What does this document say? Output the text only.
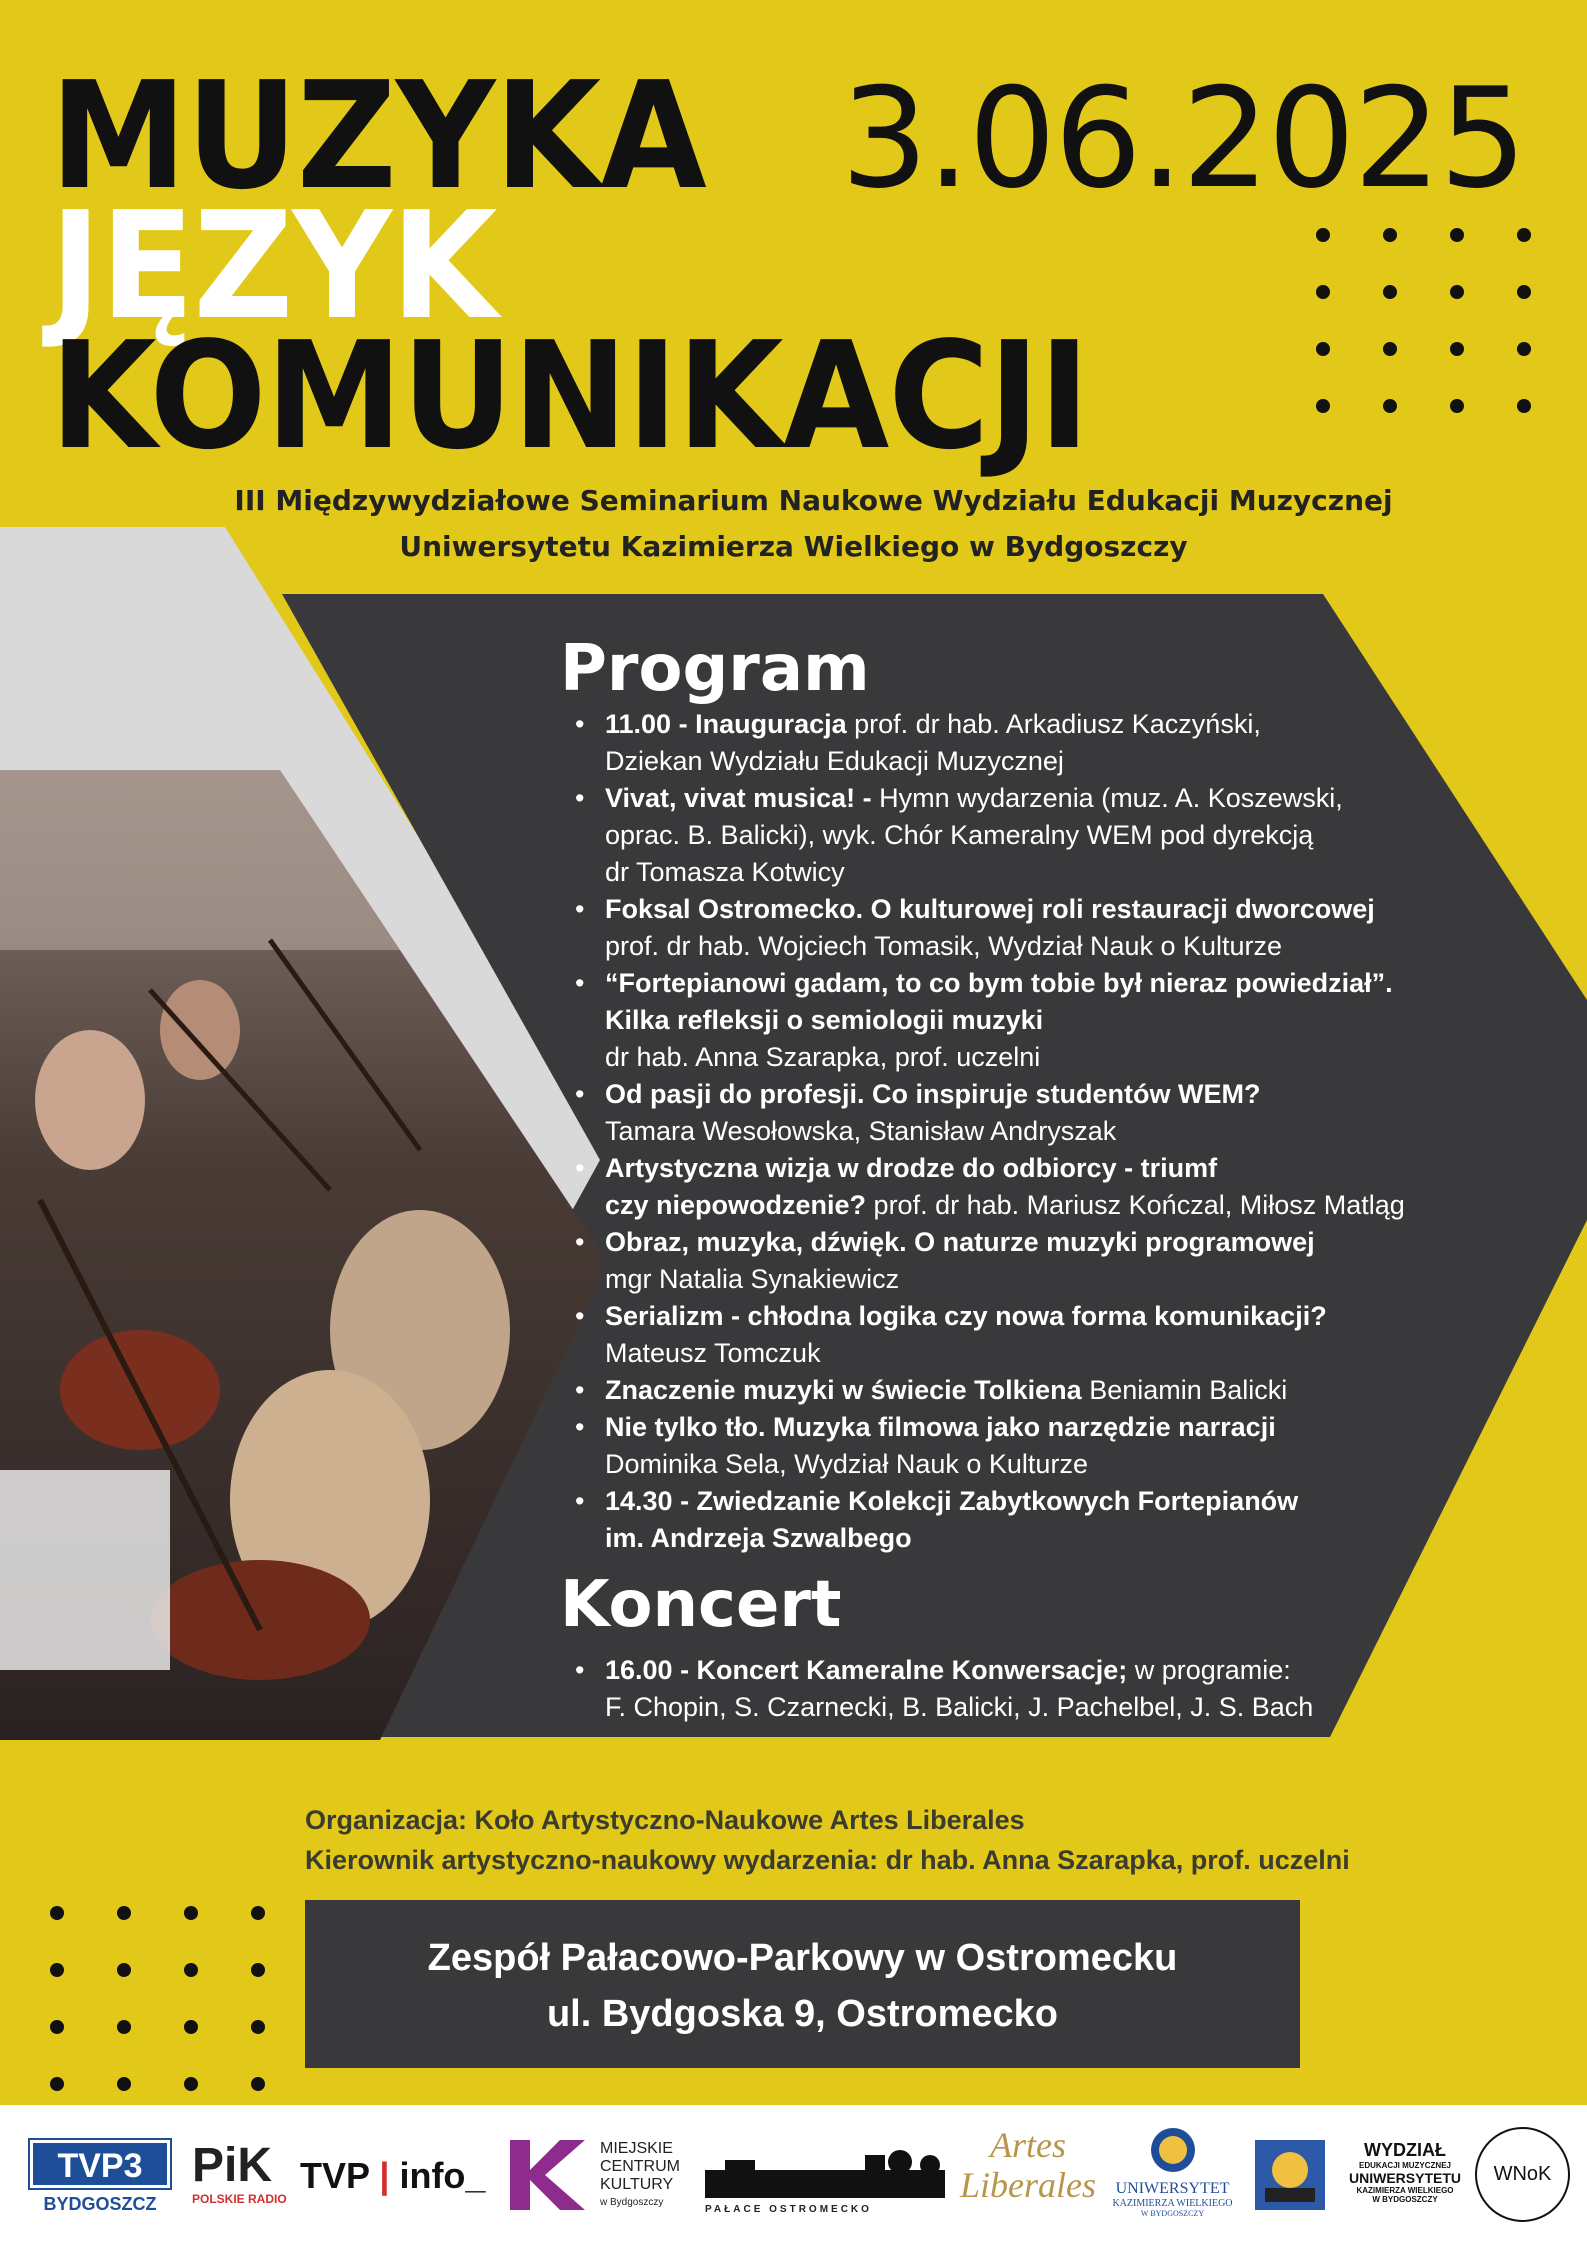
MUZYKA
JĘZYK
KOMUNIKACJI
3.06.2025
III Międzywydziałowe Seminarium Naukowe Wydziału Edukacji Muzycznej
Uniwersytetu Kazimierza Wielkiego w Bydgoszczy
Program
• 11.00 - Inauguracja prof. dr hab. Arkadiusz Kaczyński,
Dziekan Wydziału Edukacji Muzycznej
• Vivat, vivat musica! - Hymn wydarzenia (muz. A. Koszewski,
oprac. B. Balicki), wyk. Chór Kameralny WEM pod dyrekcją
dr Tomasza Kotwicy
• Foksal Ostromecko. O kulturowej roli restauracji dworcowej
prof. dr hab. Wojciech Tomasik, Wydział Nauk o Kulturze
• “Fortepianowi gadam, to co bym tobie był nieraz powiedział”.
Kilka refleksji o semiologii muzyki
dr hab. Anna Szarapka, prof. uczelni
• Od pasji do profesji. Co inspiruje studentów WEM?
Tamara Wesołowska, Stanisław Andryszak
• Artystyczna wizja w drodze do odbiorcy - triumf
czy niepowodzenie? prof. dr hab. Mariusz Kończal, Miłosz Matląg
• Obraz, muzyka, dźwięk. O naturze muzyki programowej
mgr Natalia Synakiewicz
• Serializm - chłodna logika czy nowa forma komunikacji?
Mateusz Tomczuk
• Znaczenie muzyki w świecie Tolkiena Beniamin Balicki
• Nie tylko tło. Muzyka filmowa jako narzędzie narracji
Dominika Sela, Wydział Nauk o Kulturze
• 14.30 - Zwiedzanie Kolekcji Zabytkowych Fortepianów
im. Andrzeja Szwalbego
Koncert
• 16.00 - Koncert Kameralne Konwersacje; w programie:
F. Chopin, S. Czarnecki, B. Balicki, J. Pachelbel, J. S. Bach
Organizacja: Koło Artystyczno-Naukowe Artes Liberales
Kierownik artystyczno-naukowy wydarzenia: dr hab. Anna Szarapka, prof. uczelni
Zespół Pałacowo-Parkowy w Ostromecku
ul. Bydgoska 9, Ostromecko
TVP3
BYDGOSZCZ
PiK
POLSKIE RADIO
TVP | info_
MIEJSKIE
CENTRUM
KULTURY
w Bydgoszczy
PAŁACE OSTROMECKO
Artes
Liberales	UNIWERSYTET
KAZIMIERZA WIELKIEGO
W BYDGOSZCZY
WYDZIAŁ
EDUKACJI MUZYCZNEJ
UNIWERSYTETU
KAZIMIERZA WIELKIEGO
W BYDGOSZCZY
WNoK
